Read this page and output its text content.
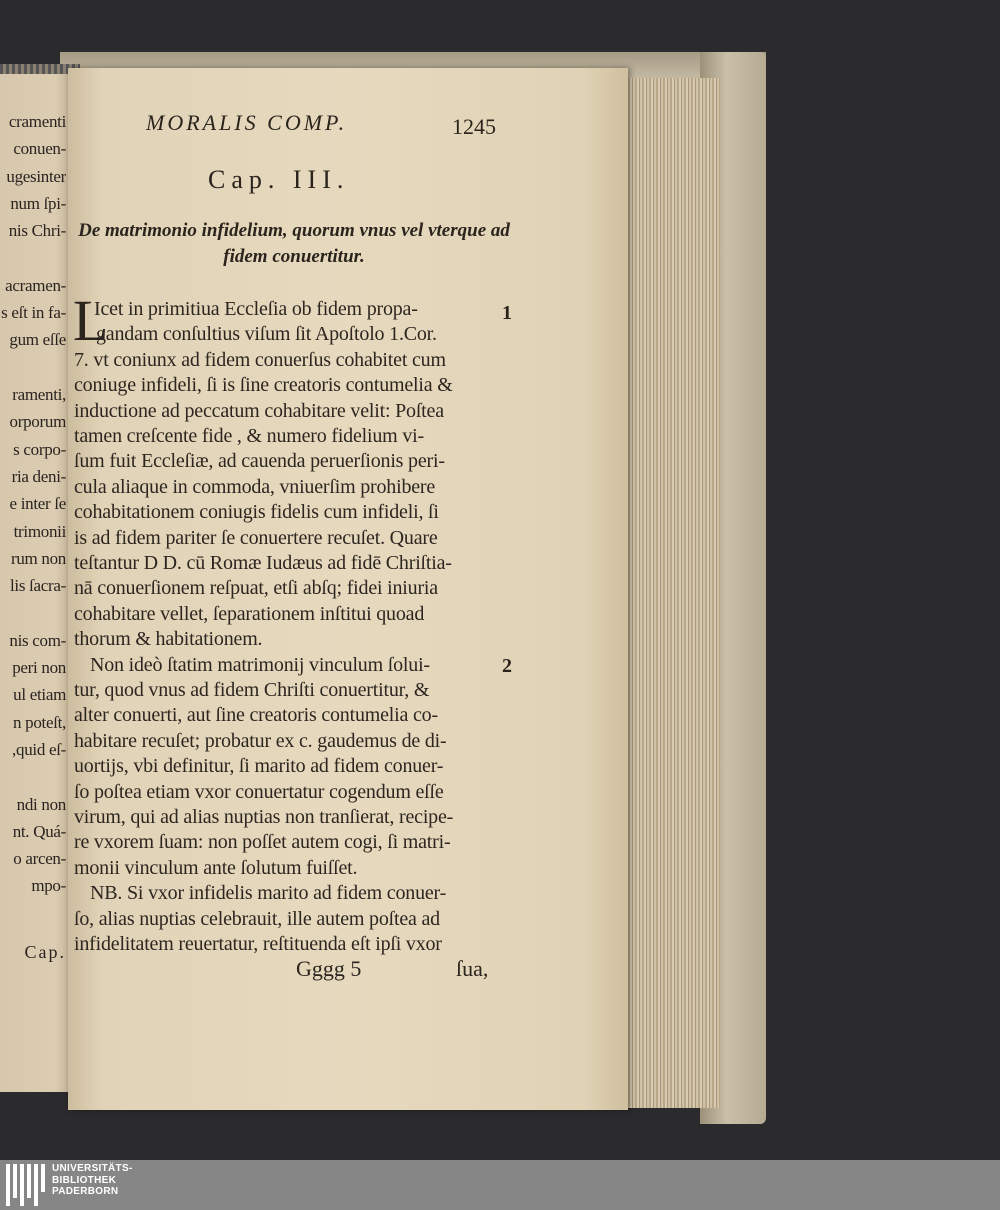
cramenti
conuen-
ugesinter
num ſpi-
nis Chri-
acramen-
s eſt in fa-
gum eſſe
ramenti,
orporum
s corpo-
ria deni-
e inter ſe
trimonii
rum non
lis ſacra-
nis com-
peri non
ul etiam
n poteſt,
,quid eſ-
ndi non
nt. Quá-
o arcen-
mpo-
Cap.
MORALIS COMP.	1245
Cap. III.
De matrimonio infidelium, quorum vnus vel vterque ad
fidem conuertitur.
L
Icet in primitiua Eccleſia ob fidem propa-
gandam conſultius viſum ſit Apoſtolo 1.Cor.
7. vt coniunx ad fidem conuerſus cohabitet cum
coniuge infideli, ſi is ſine creatoris contumelia &
inductione ad peccatum cohabitare velit: Poſtea
tamen creſcente fide , & numero fidelium vi-
ſum fuit Eccleſiæ, ad cauenda peruerſionis peri-
cula aliaque in commoda, vniuerſim prohibere
cohabitationem coniugis fidelis cum infideli, ſi
is ad fidem pariter ſe conuertere recuſet. Quare
teſtantur D D. cū Romæ Iudæus ad fidē Chriſtia-
nā conuerſionem reſpuat, etſi abſq; fidei iniuria
cohabitare vellet, ſeparationem inſtitui quoad
thorum & habitationem.
Non ideò ſtatim matrimonij vinculum ſolui-
tur, quod vnus ad fidem Chriſti conuertitur, &
alter conuerti, aut ſine creatoris contumelia co-
habitare recuſet; probatur ex c. gaudemus de di-
uortijs, vbi definitur, ſi marito ad fidem conuer-
ſo poſtea etiam vxor conuertatur cogendum eſſe
virum, qui ad alias nuptias non tranſierat, recipe-
re vxorem ſuam: non poſſet autem cogi, ſi matri-
monii vinculum ante ſolutum fuiſſet.
NB. Si vxor infidelis marito ad fidem conuer-
ſo, alias nuptias celebrauit, ille autem poſtea ad
infidelitatem reuertatur, reſtituenda eſt ipſi vxor
1
2
Gggg 5	ſua,
UNIVERSITÄTS-
BIBLIOTHEK
PADERBORN
